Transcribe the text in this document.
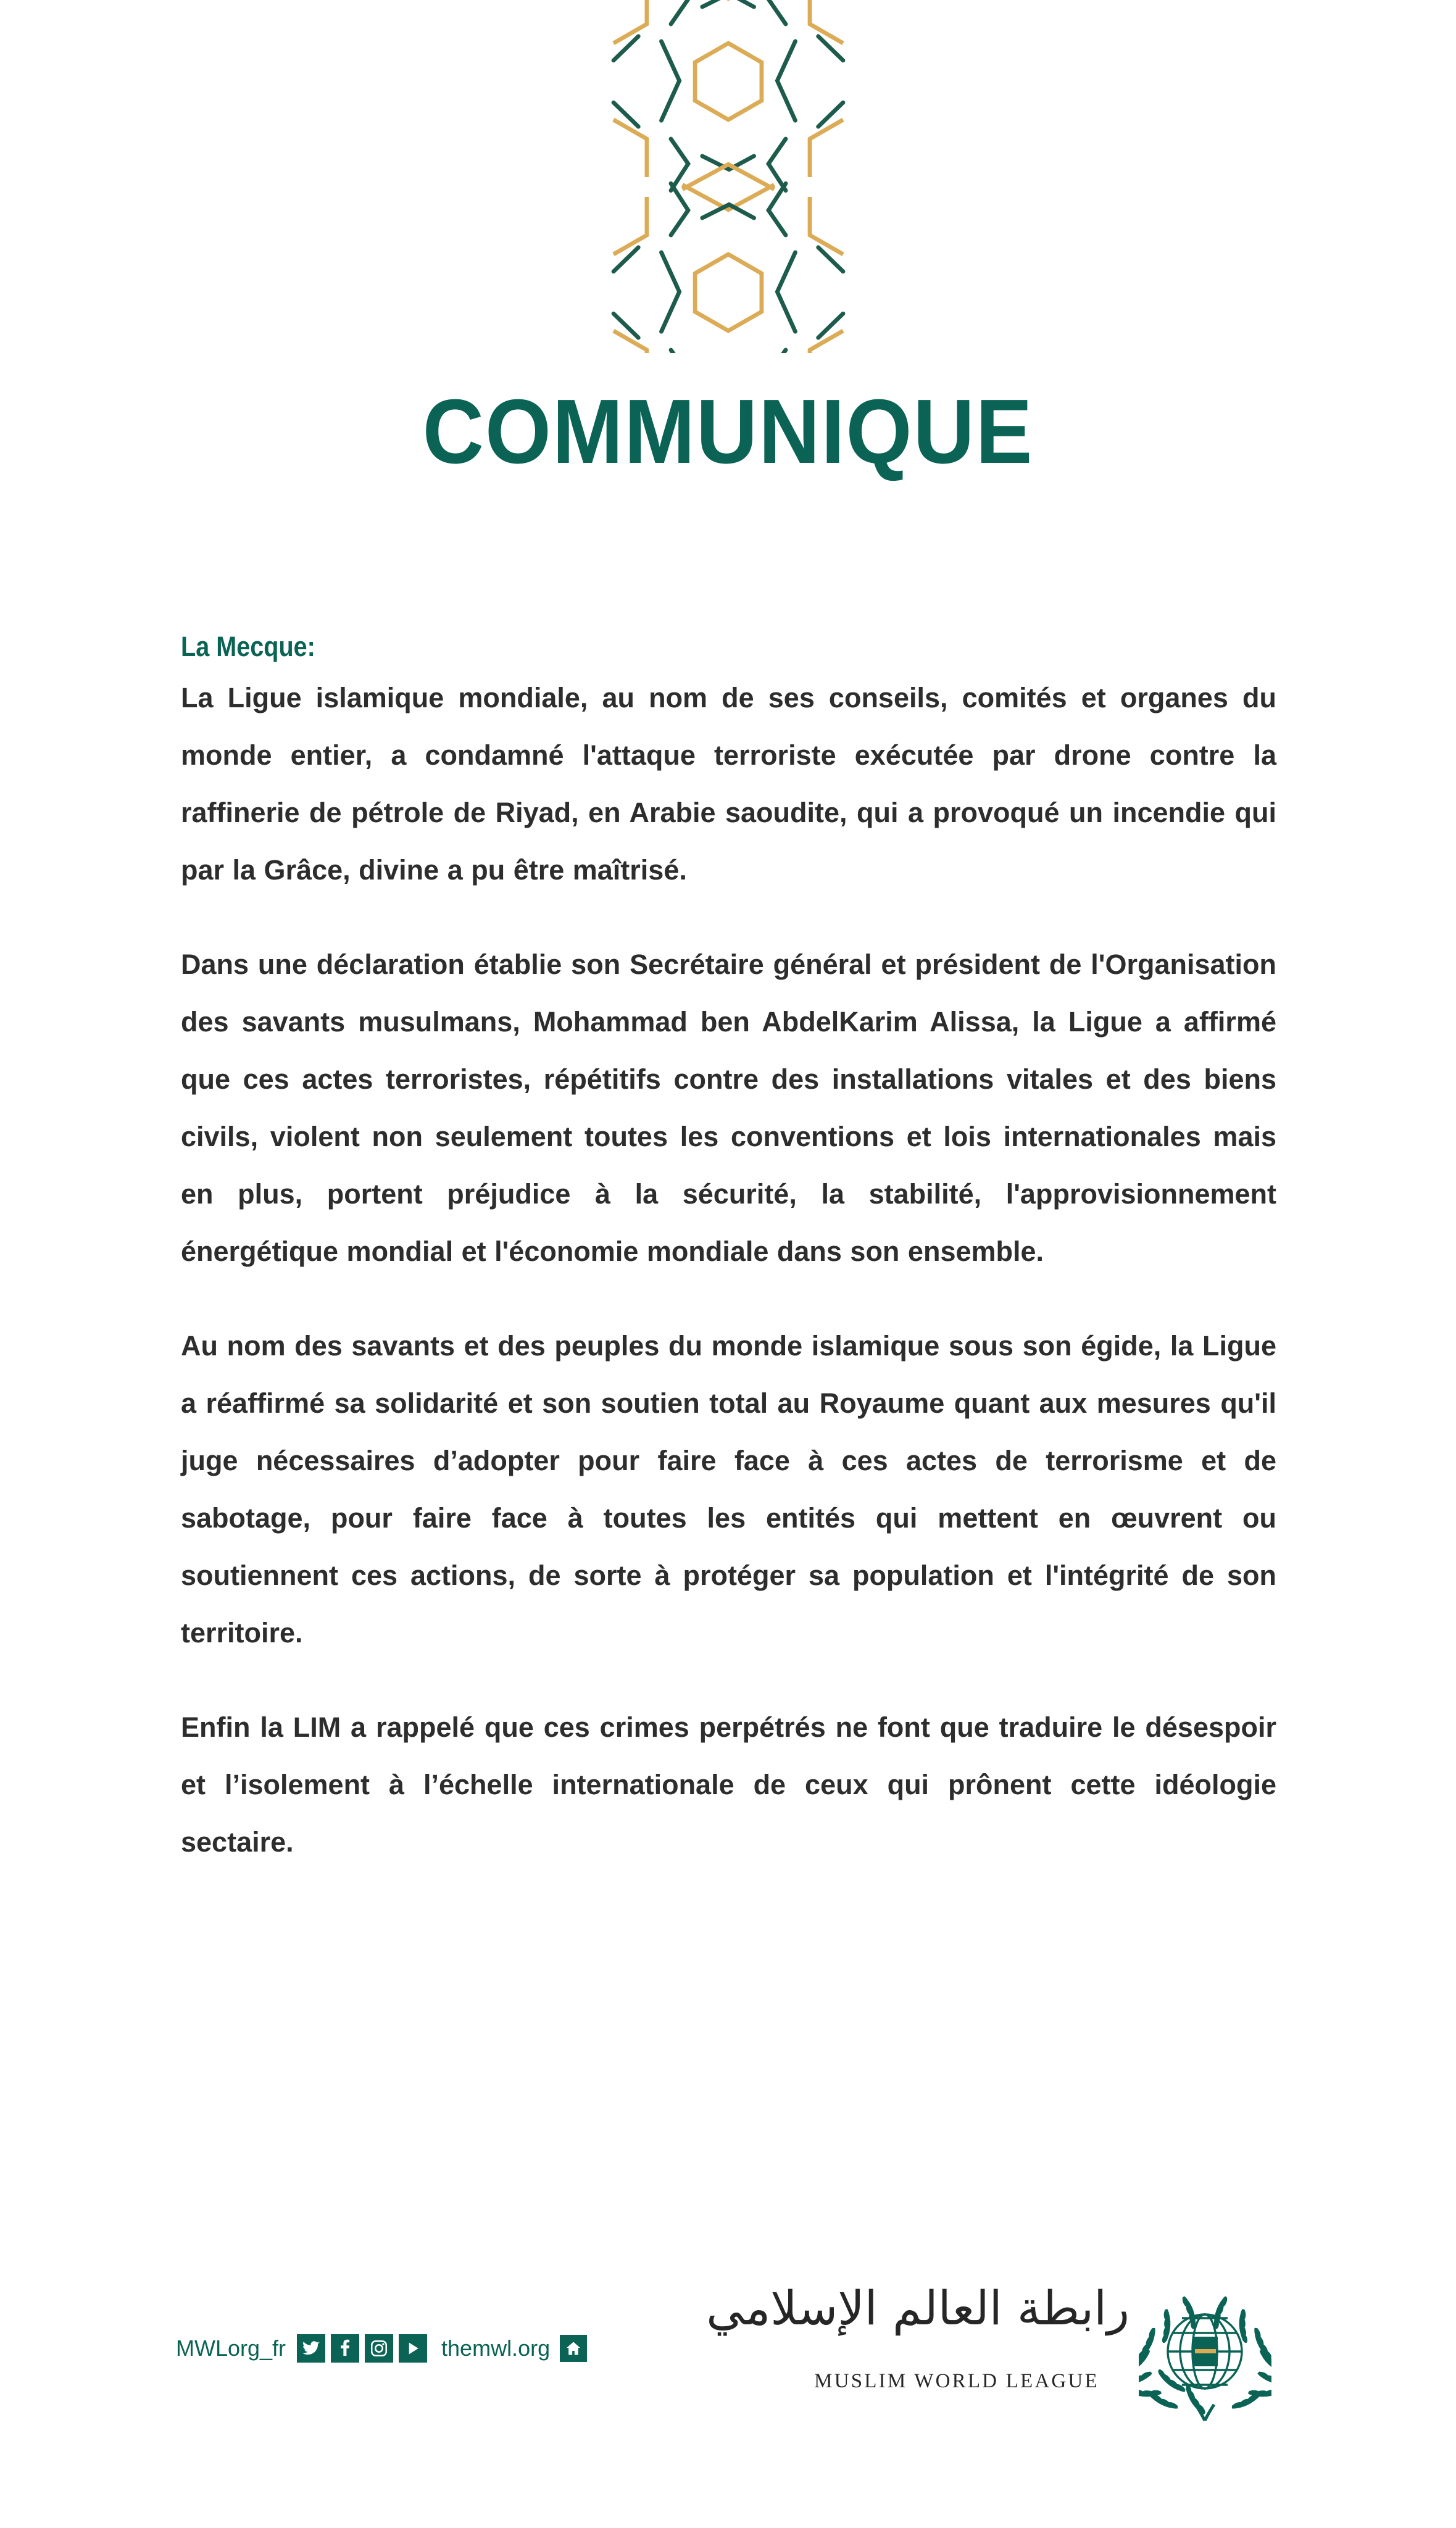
COMMUNIQUE

La Mecque:

La Ligue islamique mondiale, au nom de ses conseils, comités et organes du monde entier, a condamné l'attaque terroriste exécutée par drone contre la raffinerie de pétrole de Riyad, en Arabie saoudite, qui a provoqué un incendie qui par la Grâce, divine a pu être maîtrisé.

Dans une déclaration établie son Secrétaire général et président de l'Organisation des savants musulmans, Mohammad ben AbdelKarim Alissa, la Ligue a affirmé que ces actes terroristes, répétitifs contre des installations vitales et des biens civils, violent non seulement toutes les conventions et lois internationales mais en plus, portent préjudice à la sécurité, la stabilité, l'approvisionnement énergétique mondial et l'économie mondiale dans son ensemble.

Au nom des savants et des peuples du monde islamique sous son égide, la Ligue a réaffirmé sa solidarité et son soutien total au Royaume quant aux mesures qu'il juge nécessaires d’adopter pour faire face à ces actes de terrorisme et de sabotage, pour faire face à toutes les entités qui mettent en œuvrent ou soutiennent ces actions, de sorte à protéger sa population et l'intégrité de son territoire.

Enfin la LIM a rappelé que ces crimes perpétrés ne font que traduire le désespoir et l’isolement à l’échelle internationale de ceux qui prônent cette idéologie sectaire.

MWLorg_fr	themwl.org
رابطة العالم الإسلامي
MUSLIM WORLD LEAGUE
